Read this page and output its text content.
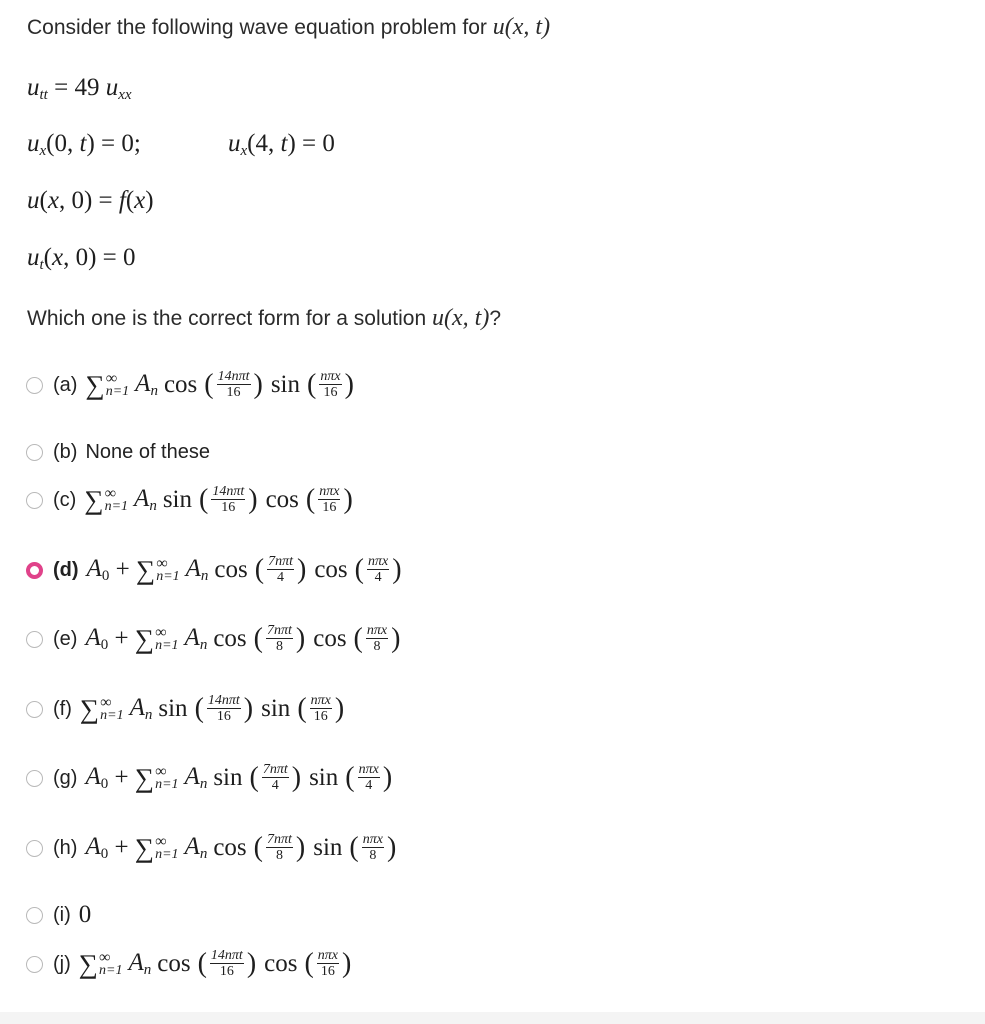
Consider the following wave equation problem for u(x, t)
$u_{tt} = 49$ $u_{xx}$
$u_x(0$, t) = 0;	$u_x(4$, t) = 0
u(x, 0) = f(x)
$u_t(x$, 0) = 0
Which one is the correct form for a solution u(x, t)?
(a) ∑ ∞
n=1 $A_n$ cos ( $\frac{\text{14nπt}}{16}$ ) sin ( $\frac{\text{nπx}}{16}$ )
(b) None of these
(c) ∑ ∞
n=1 $A_n$ sin ( $\frac{\text{14nπt}}{16}$ ) cos ( $\frac{\text{nπx}}{16}$ )
(d) $A_0$ + ∑ ∞
n=1 $A_n$ cos ( $\frac{\text{7nπt}}{4}$ ) cos ( $\frac{\text{nπx}}{4}$ )
(e) $A_0$ + ∑ ∞
n=1 $A_n$ cos ( $\frac{\text{7nπt}}{8}$ ) cos ( $\frac{\text{nπx}}{8}$ )
(f) ∑ ∞
n=1 $A_n$ sin ( $\frac{\text{14nπt}}{16}$ ) sin ( $\frac{\text{nπx}}{16}$ )
(g) $A_0$ + ∑ ∞
n=1 $A_n$ sin ( $\frac{\text{7nπt}}{4}$ ) sin ( $\frac{\text{nπx}}{4}$ )
(h) $A_0$ + ∑ ∞
n=1 $A_n$ cos ( $\frac{\text{7nπt}}{8}$ ) sin ( $\frac{\text{nπx}}{8}$ )
(i) 0
(j) ∑ ∞
n=1 $A_n$ cos ( $\frac{\text{14nπt}}{16}$ ) cos ( $\frac{\text{nπx}}{16}$ )
